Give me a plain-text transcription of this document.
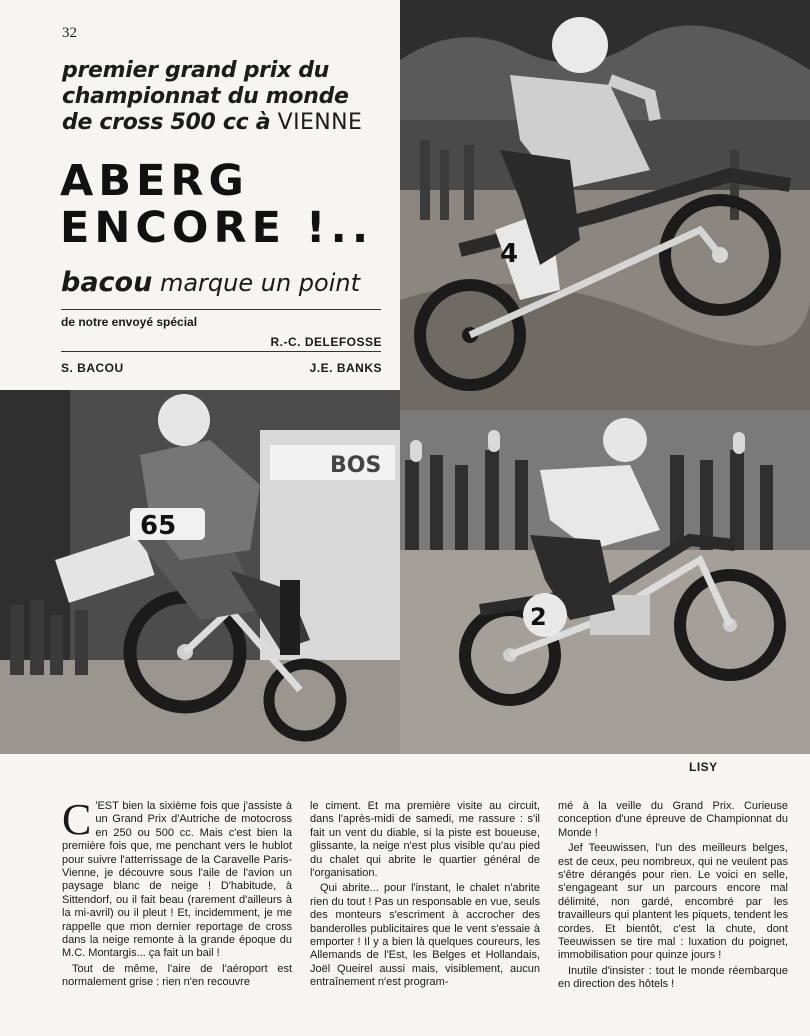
32
premier grand prix du
championnat du monde
de cross 500 cc à VIENNE
ABERG
ENCORE !..
bacou marque un point
de notre envoyé spécial
R.-C. DELEFOSSE
S. BACOU	J.E. BANKS
4
BOS
65
2
LISY

C 'EST bien la sixième fois que j'assiste à un Grand Prix d'Autriche de motocross en 250 ou 500 cc. Mais c'est bien la première fois que, me penchant vers le hublot pour suivre l'atterrissage de la Caravelle Paris-Vienne, je découvre sous l'aile de l'avion un paysage blanc de neige ! D'habitude, à Sittendorf, ou il fait beau (rarement d'ailleurs à la mi-avril) ou il pleut ! Et, incidemment, je me rappelle que mon dernier reportage de cross dans la neige remonte à la grande époque du M.C. Montargis... ça fait un bail !

Tout de même, l'aire de l'aéroport est normalement grise : rien n'en recouvre

le ciment. Et ma première visite au circuit, dans l'après-midi de samedi, me rassure : s'il fait un vent du diable, si la piste est boueuse, glissante, la neige n'est plus visible qu'au pied du chalet qui abrite le quartier général de l'organisation.

Qui abrite... pour l'instant, le chalet n'abrite rien du tout ! Pas un responsable en vue, seuls des monteurs s'escriment à accrocher des banderolles publicitaires que le vent s'essaie à emporter ! Il y a bien là quelques coureurs, les Allemands de l'Est, les Belges et Hollandais, Joël Queirel aussi mais, visiblement, aucun entraînement n'est program-

mé à la veille du Grand Prix. Curieuse conception d'une épreuve de Championnat du Monde !

Jef Teeuwissen, l'un des meilleurs belges, est de ceux, peu nombreux, qui ne veulent pas s'être dérangés pour rien. Le voici en selle, s'engageant sur un parcours encore mal délimité, non gardé, encombré par les travailleurs qui plantent les piquets, tendent les cordes. Et bientôt, c'est la chute, dont Teeuwissen se tire mal : luxation du poignet, immobilisation pour quinze jours !

Inutile d'insister : tout le monde réembarque en direction des hôtels !
